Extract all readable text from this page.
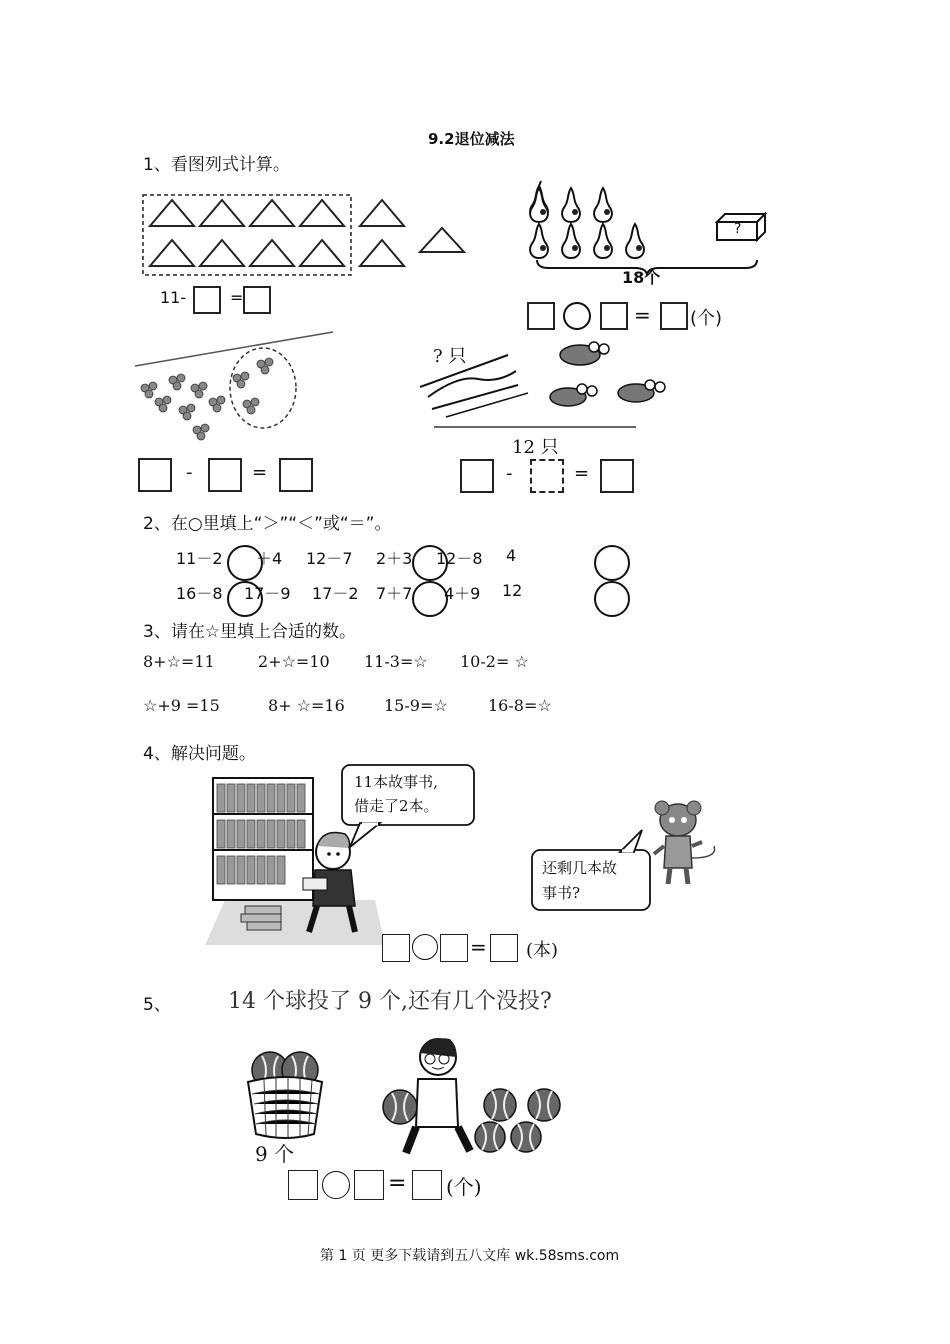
9.2退位减法
1、看图列式计算。
11-	=
?
18个
= (个)
-	=
? 只
12 只
-	=
2、在○里填上“＞”“＜”或“＝”。
11－2 ＋4 12－7 2＋3 12－8 4
16－8 17－9 17－2 7＋7 4＋9 12
3、请在☆里填上合适的数。
8+☆=11	2+☆=10 11-3=☆ 10-2= ☆
☆+9 =15	8+ ☆=16 15-9=☆	16-8=☆
4、解决问题。
11本故事书,
借走了2本。
还剩几本故
事书?
= (本)
5、	14 个球投了 9 个,还有几个没投?
9 个
= (个)
第 1 页 更多下载请到五八文库 wk.58sms.com
